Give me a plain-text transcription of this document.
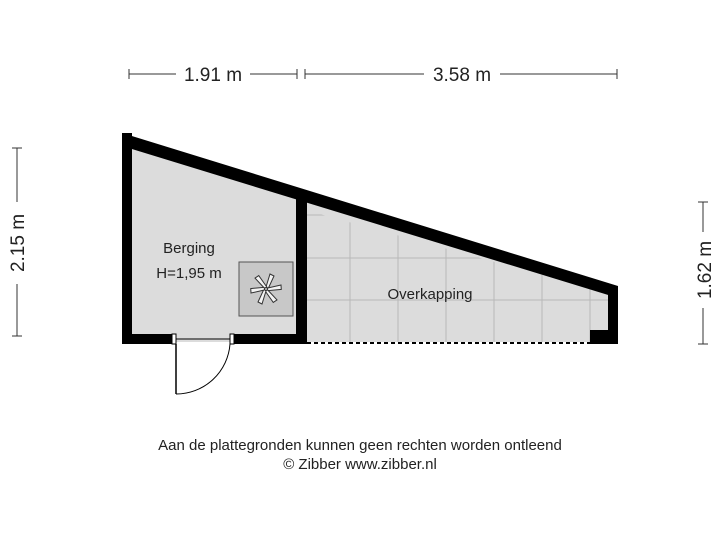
Berging
H=1,95 m
Overkapping
1.91 m	3.58 m
2.15 m	1.62 m
Aan de plattegronden kunnen geen rechten worden ontleend
© Zibber www.zibber.nl
